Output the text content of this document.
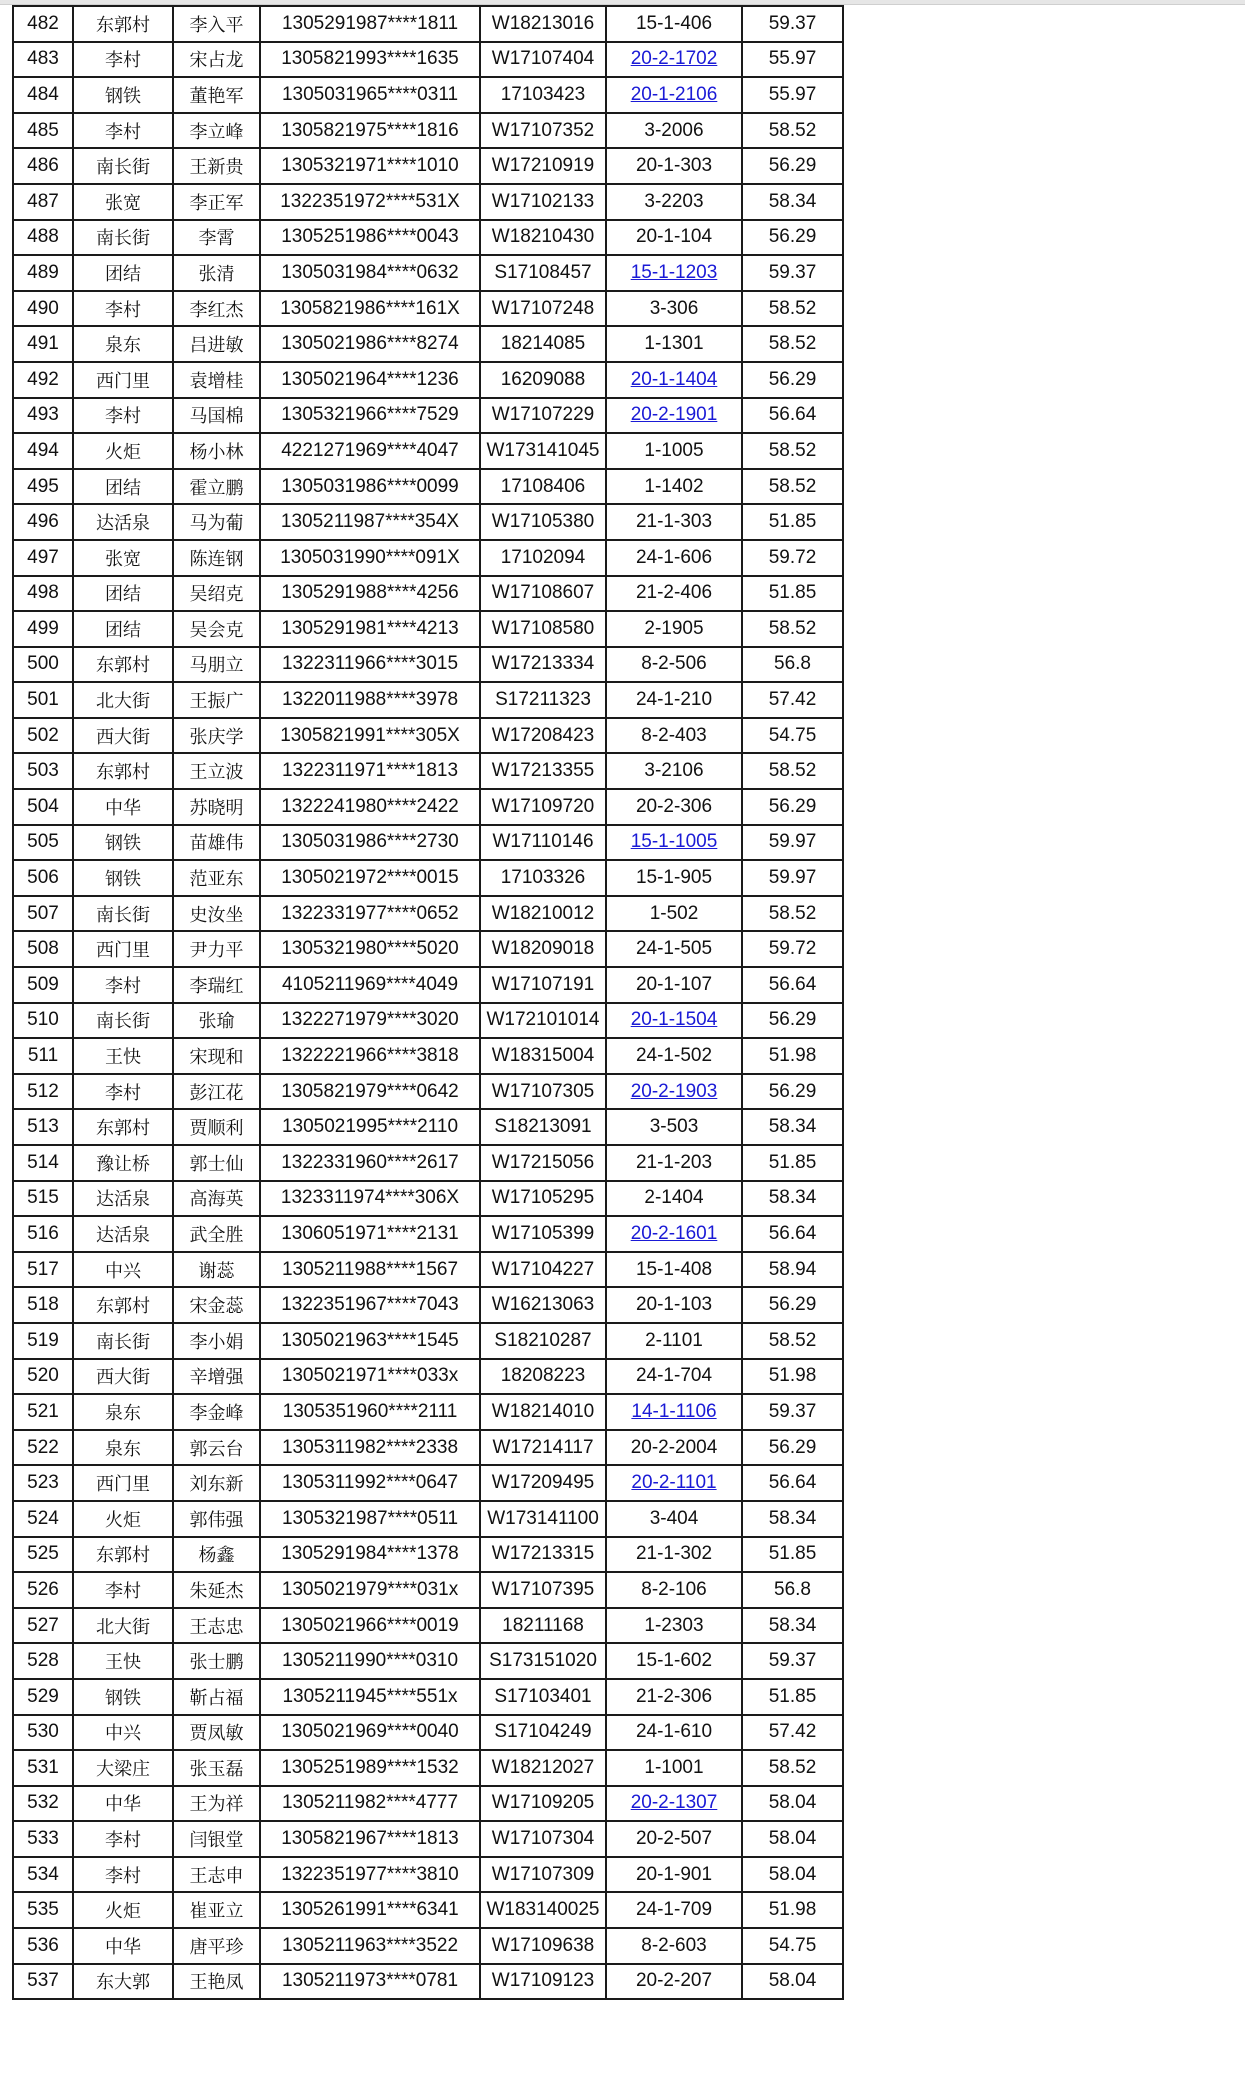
482	东郭村	李入平	1305291987****1811	W18213016	15-1-406	59.37
483	李村	宋占龙	1305821993****1635	W17107404	20-2-1702	55.97
484	钢铁	董艳军	1305031965****0311	17103423	20-1-2106	55.97
485	李村	李立峰	1305821975****1816	W17107352	3-2006	58.52
486	南长街	王新贵	1305321971****1010	W17210919	20-1-303	56.29
487	张宽	李正军	1322351972****531X	W17102133	3-2203	58.34
488	南长街	李霄	1305251986****0043	W18210430	20-1-104	56.29
489	团结	张清	1305031984****0632	S17108457	15-1-1203	59.37
490	李村	李红杰	1305821986****161X	W17107248	3-306	58.52
491	泉东	吕进敏	1305021986****8274	18214085	1-1301	58.52
492	西门里	袁增桂	1305021964****1236	16209088	20-1-1404	56.29
493	李村	马国棉	1305321966****7529	W17107229	20-2-1901	56.64
494	火炬	杨小林	4221271969****4047	W173141045	1-1005	58.52
495	团结	霍立鹏	1305031986****0099	17108406	1-1402	58.52
496	达活泉	马为葡	1305211987****354X	W17105380	21-1-303	51.85
497	张宽	陈连钢	1305031990****091X	17102094	24-1-606	59.72
498	团结	吴绍克	1305291988****4256	W17108607	21-2-406	51.85
499	团结	吴会克	1305291981****4213	W17108580	2-1905	58.52
500	东郭村	马朋立	1322311966****3015	W17213334	8-2-506	56.8
501	北大街	王振广	1322011988****3978	S17211323	24-1-210	57.42
502	西大街	张庆学	1305821991****305X	W17208423	8-2-403	54.75
503	东郭村	王立波	1322311971****1813	W17213355	3-2106	58.52
504	中华	苏晓明	1322241980****2422	W17109720	20-2-306	56.29
505	钢铁	苗雄伟	1305031986****2730	W17110146	15-1-1005	59.97
506	钢铁	范亚东	1305021972****0015	17103326	15-1-905	59.97
507	南长街	史汝坐	1322331977****0652	W18210012	1-502	58.52
508	西门里	尹力平	1305321980****5020	W18209018	24-1-505	59.72
509	李村	李瑞红	4105211969****4049	W17107191	20-1-107	56.64
510	南长街	张瑜	1322271979****3020	W172101014	20-1-1504	56.29
511	王快	宋现和	1322221966****3818	W18315004	24-1-502	51.98
512	李村	彭江花	1305821979****0642	W17107305	20-2-1903	56.29
513	东郭村	贾顺利	1305021995****2110	S18213091	3-503	58.34
514	豫让桥	郭士仙	1322331960****2617	W17215056	21-1-203	51.85
515	达活泉	高海英	1323311974****306X	W17105295	2-1404	58.34
516	达活泉	武全胜	1306051971****2131	W17105399	20-2-1601	56.64
517	中兴	谢蕊	1305211988****1567	W17104227	15-1-408	58.94
518	东郭村	宋金蕊	1322351967****7043	W16213063	20-1-103	56.29
519	南长街	李小娟	1305021963****1545	S18210287	2-1101	58.52
520	西大街	辛增强	1305021971****033x	18208223	24-1-704	51.98
521	泉东	李金峰	1305351960****2111	W18214010	14-1-1106	59.37
522	泉东	郭云台	1305311982****2338	W17214117	20-2-2004	56.29
523	西门里	刘东新	1305311992****0647	W17209495	20-2-1101	56.64
524	火炬	郭伟强	1305321987****0511	W173141100	3-404	58.34
525	东郭村	杨鑫	1305291984****1378	W17213315	21-1-302	51.85
526	李村	朱延杰	1305021979****031x	W17107395	8-2-106	56.8
527	北大街	王志忠	1305021966****0019	18211168	1-2303	58.34
528	王快	张士鹏	1305211990****0310	S173151020	15-1-602	59.37
529	钢铁	靳占福	1305211945****551x	S17103401	21-2-306	51.85
530	中兴	贾凤敏	1305021969****0040	S17104249	24-1-610	57.42
531	大梁庄	张玉磊	1305251989****1532	W18212027	1-1001	58.52
532	中华	王为祥	1305211982****4777	W17109205	20-2-1307	58.04
533	李村	闫银堂	1305821967****1813	W17107304	20-2-507	58.04
534	李村	王志申	1322351977****3810	W17107309	20-1-901	58.04
535	火炬	崔亚立	1305261991****6341	W183140025	24-1-709	51.98
536	中华	唐平珍	1305211963****3522	W17109638	8-2-603	54.75
537	东大郭	王艳凤	1305211973****0781	W17109123	20-2-207	58.04
